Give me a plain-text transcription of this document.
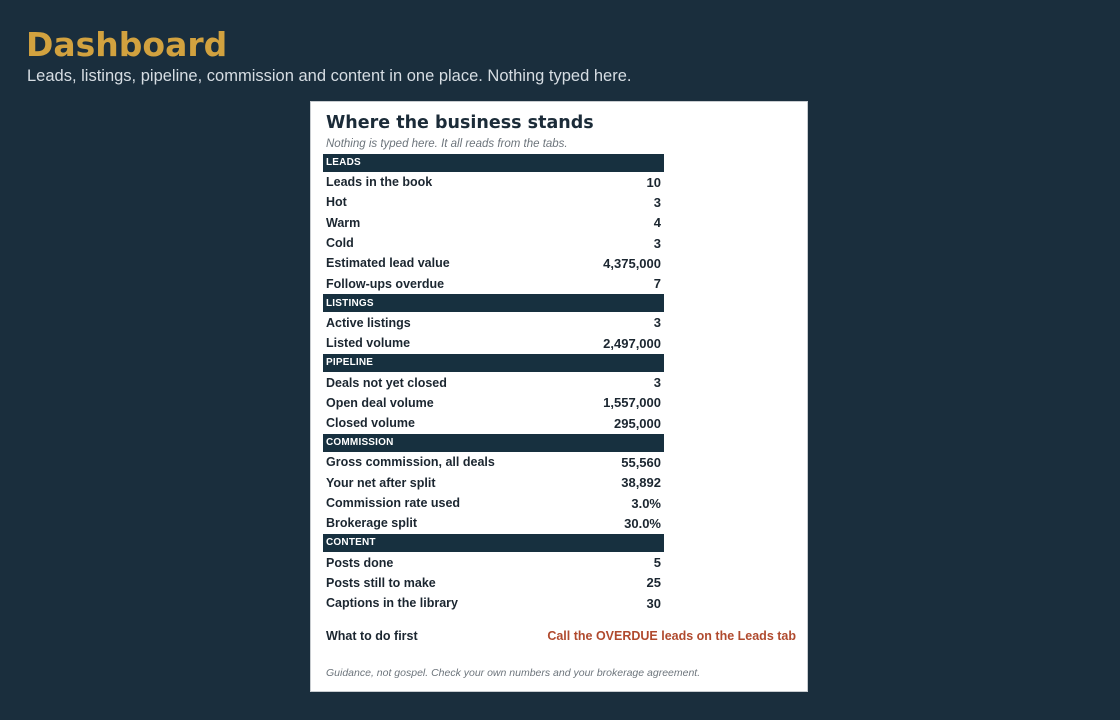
Dashboard
Leads, listings, pipeline, commission and content in one place. Nothing typed here.
Where the business stands
Nothing is typed here. It all reads from the tabs.
LEADS
Leads in the book	10
Hot	3
Warm	4
Cold	3
Estimated lead value	4,375,000
Follow-ups overdue	7
LISTINGS
Active listings	3
Listed volume	2,497,000
PIPELINE
Deals not yet closed	3
Open deal volume	1,557,000
Closed volume	295,000
COMMISSION
Gross commission, all deals	55,560
Your net after split	38,892
Commission rate used	3.0%
Brokerage split	30.0%
CONTENT
Posts done	5
Posts still to make	25
Captions in the library	30
What to do first	Call the OVERDUE leads on the Leads tab
Guidance, not gospel. Check your own numbers and your brokerage agreement.
